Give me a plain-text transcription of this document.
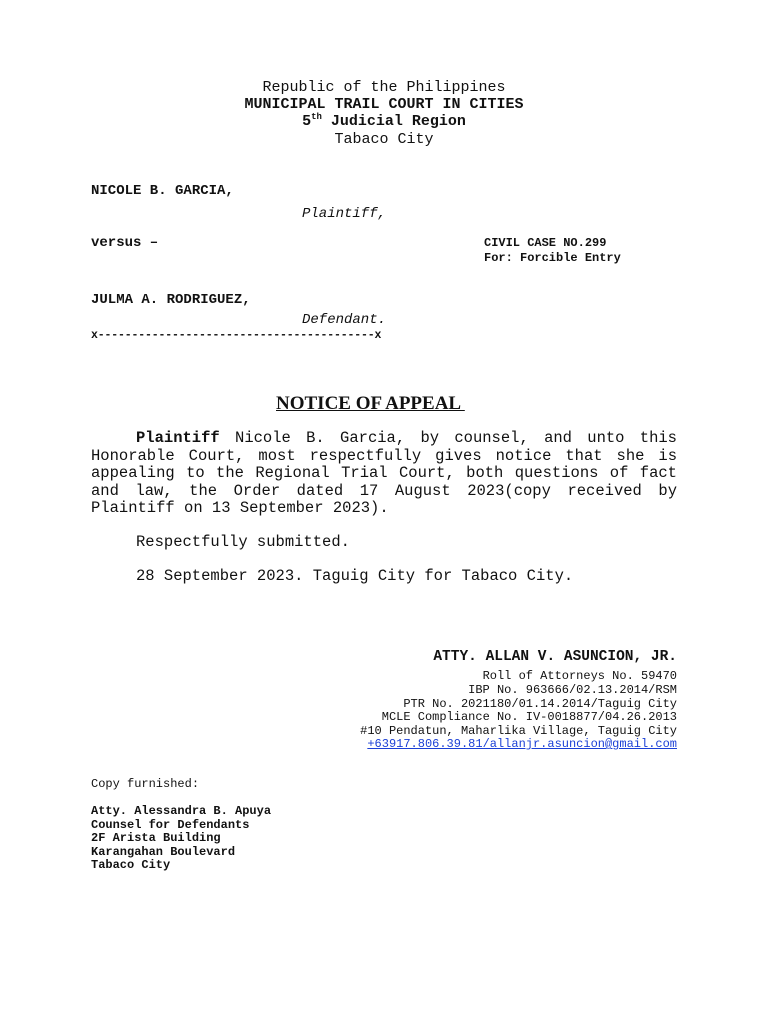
Republic of the Philippines
MUNICIPAL TRAIL COURT IN CITIES
5th Judicial Region
Tabaco City
NICOLE B. GARCIA,
Plaintiff,
versus –	CIVIL CASE NO.299
For: Forcible Entry
JULMA A. RODRIGUEZ,
Defendant.
x-----------------------------------------x
NOTICE OF APPEAL
Plaintiff Nicole B. Garcia, by counsel, and unto this Honorable Court, most respectfully gives notice that she is appealing to the Regional Trial Court, both questions of fact and law, the Order dated 17 August 2023(copy received by Plaintiff on 13 September 2023).
Respectfully submitted.
28 September 2023. Taguig City for Tabaco City.
ATTY. ALLAN V. ASUNCION, JR.
Roll of Attorneys No. 59470
IBP No. 963666/02.13.2014/RSM
PTR No. 2021180/01.14.2014/Taguig City
MCLE Compliance No. IV-0018877/04.26.2013
#10 Pendatun, Maharlika Village, Taguig City
+63917.806.39.81/allanjr.asuncion@gmail.com
Copy furnished:
Atty. Alessandra B. Apuya
Counsel for Defendants
2F Arista Building
Karangahan Boulevard
Tabaco City
